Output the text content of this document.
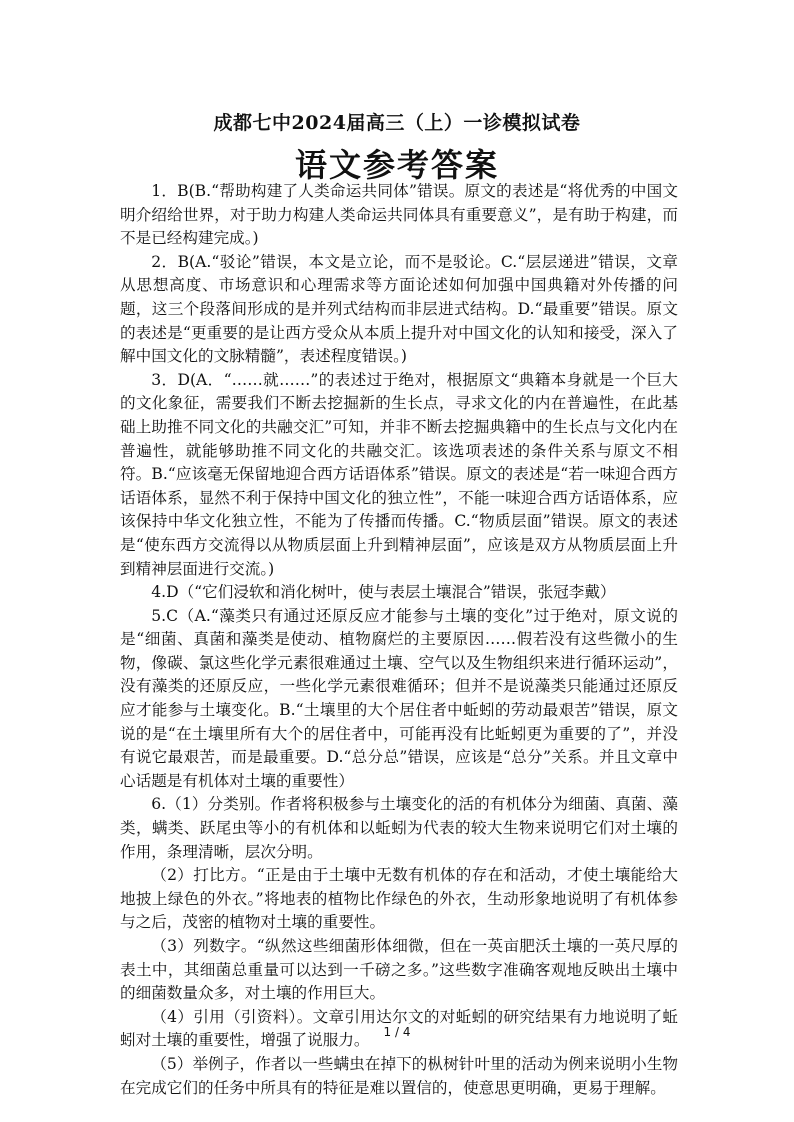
成都七中2024届高三（上）一诊模拟试卷
语文参考答案

1．B(B.“帮助构建了人类命运共同体”错误。原文的表述是“将优秀的中国文明介绍给世界，对于助力构建人类命运共同体具有重要意义”，是有助于构建，而不是已经构建完成。)

2．B(A.“驳论”错误，本文是立论，而不是驳论。C.“层层递进”错误，文章从思想高度、市场意识和心理需求等方面论述如何加强中国典籍对外传播的问题，这三个段落间形成的是并列式结构而非层进式结构。D.“最重要”错误。原文的表述是“更重要的是让西方受众从本质上提升对中国文化的认知和接受，深入了解中国文化的文脉精髓”，表述程度错误。)

3．D(A．“……就……”的表述过于绝对，根据原文“典籍本身就是一个巨大的文化象征，需要我们不断去挖掘新的生长点，寻求文化的内在普遍性，在此基础上助推不同文化的共融交汇”可知，并非不断去挖掘典籍中的生长点与文化内在普遍性，就能够助推不同文化的共融交汇。该选项表述的条件关系与原文不相符。B.“应该毫无保留地迎合西方话语体系”错误。原文的表述是“若一味迎合西方话语体系，显然不利于保持中国文化的独立性”，不能一味迎合西方话语体系，应该保持中华文化独立性，不能为了传播而传播。C.“物质层面”错误。原文的表述是“使东西方交流得以从物质层面上升到精神层面”，应该是双方从物质层面上升到精神层面进行交流。)

4.D（“它们浸软和消化树叶，使与表层土壤混合”错误，张冠李戴）

5.C（A.“藻类只有通过还原反应才能参与土壤的变化”过于绝对，原文说的是“细菌、真菌和藻类是使动、植物腐烂的主要原因……假若没有这些微小的生物，像碳、氯这些化学元素很难通过土壤、空气以及生物组织来进行循环运动”，没有藻类的还原反应，一些化学元素很难循环；但并不是说藻类只能通过还原反应才能参与土壤变化。B.“土壤里的大个居住者中蚯蚓的劳动最艰苦”错误，原文说的是“在土壤里所有大个的居住者中，可能再没有比蚯蚓更为重要的了”，并没有说它最艰苦，而是最重要。D.“总分总”错误，应该是“总分”关系。并且文章中心话题是有机体对土壤的重要性）

6.（1）分类别。作者将积极参与土壤变化的活的有机体分为细菌、真菌、藻类，螨类、跃尾虫等小的有机体和以蚯蚓为代表的较大生物来说明它们对土壤的作用，条理清晰，层次分明。

（2）打比方。“正是由于土壤中无数有机体的存在和活动，才使土壤能给大地披上绿色的外衣。”将地表的植物比作绿色的外衣，生动形象地说明了有机体参与之后，茂密的植物对土壤的重要性。

（3）列数字。“纵然这些细菌形体细微，但在一英亩肥沃土壤的一英尺厚的表土中，其细菌总重量可以达到一千磅之多。”这些数字准确客观地反映出土壤中的细菌数量众多，对土壤的作用巨大。

（4）引用（引资料）。文章引用达尔文的对蚯蚓的研究结果有力地说明了蚯蚓对土壤的重要性，增强了说服力。

（5）举例子，作者以一些螨虫在掉下的枞树针叶里的活动为例来说明小生物在完成它们的任务中所具有的特征是难以置信的，使意思更明确，更易于理解。

1 / 4
